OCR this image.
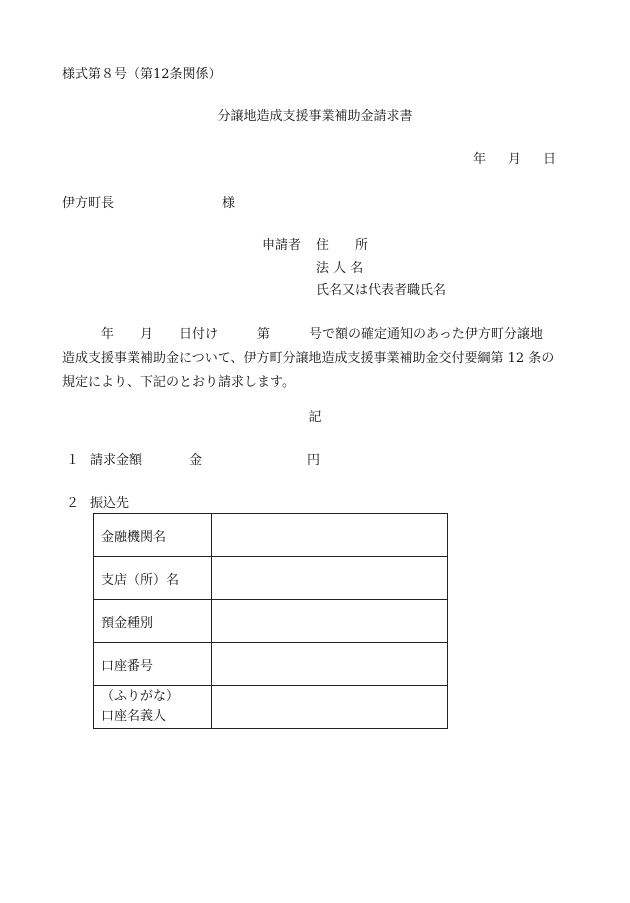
様式第８号（第12条関係）
分譲地造成支援事業補助金請求書
年 月 日
伊方町長	様
申請者 住　　所
法 人 名
氏名又は代表者職氏名
　　　年　　月　　日付け　　　第　　　号で額の確定通知のあった伊方町分譲地
造成支援事業補助金について、伊方町分譲地造成支援事業補助金交付要綱第 12 条の
規定により、下記のとおり請求します。
記
１ 請求金額	金	円
２ 振込先
金融機関名	
支店（所）名	
預金種別	
口座番号	

（ふりがな）
口座名義人	
